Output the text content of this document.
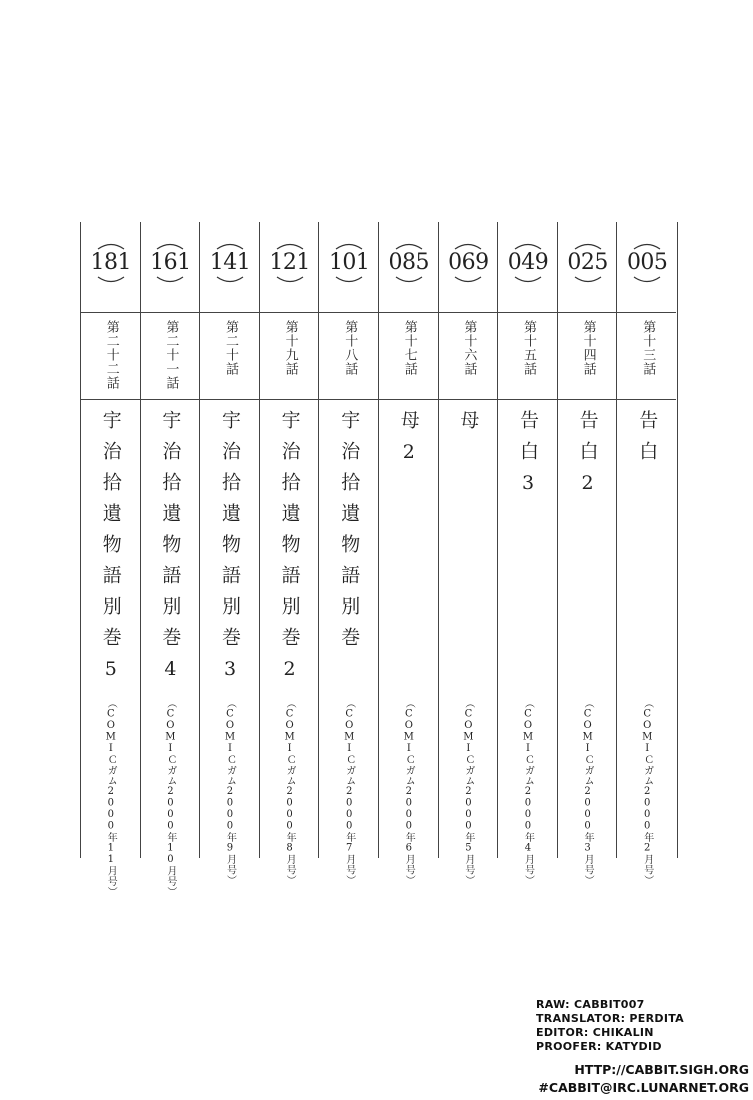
181
第二十二話
宇治拾遺物語別巻5
（COMIＣガム2000年11月号）
161
第二十一話
宇治拾遺物語別巻4
（COMIＣガム2000年10月号）
141
第二十話
宇治拾遺物語別巻3
（COMIＣガム2000年9月号）
121
第十九話
宇治拾遺物語別巻2
（COMIＣガム2000年8月号）
101
第十八話
宇治拾遺物語別巻
（COMIＣガム2000年7月号）
085
第十七話
母2
（COMIＣガム2000年6月号）
069
第十六話
母
（COMIＣガム2000年5月号）
049
第十五話
告白3
（COMIＣガム2000年4月号）
025
第十四話
告白2
（COMIＣガム2000年3月号）
005
第十三話
告白
（COMIＣガム2000年2月号）
RAW: CABBIT007
TRANSLATOR: PERDITA
EDITOR: CHIKALIN
PROOFER: KATYDID
HTTP://CABBIT.SIGH.ORG
#CABBIT@IRC.LUNARNET.ORG
